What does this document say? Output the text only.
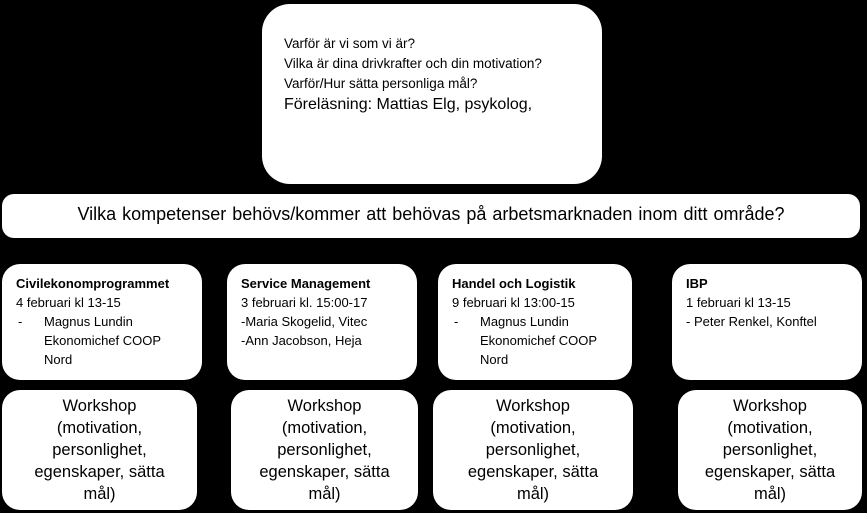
Varför är vi som vi är?
Vilka är dina drivkrafter och din motivation?
Varför/Hur sätta personliga mål?
Föreläsning: Mattias Elg, psykolog,
Vilka kompetenser behövs/kommer att behövas på arbetsmarknaden inom ditt område?
Civilekonomprogrammet
4 februari kl 13-15
- Magnus Lundin
Ekonomichef COOP
Nord
Service Management
3 februari kl. 15:00-17
-Maria Skogelid, Vitec
-Ann Jacobson, Heja
Handel och Logistik
9 februari kl 13:00-15
- Magnus Lundin
Ekonomichef COOP
Nord
IBP
1 februari kl 13-15
- Peter Renkel, Konftel
Workshop
(motivation,
personlighet,
egenskaper, sätta
mål)
Workshop
(motivation,
personlighet,
egenskaper, sätta
mål)
Workshop
(motivation,
personlighet,
egenskaper, sätta
mål)
Workshop
(motivation,
personlighet,
egenskaper, sätta
mål)
